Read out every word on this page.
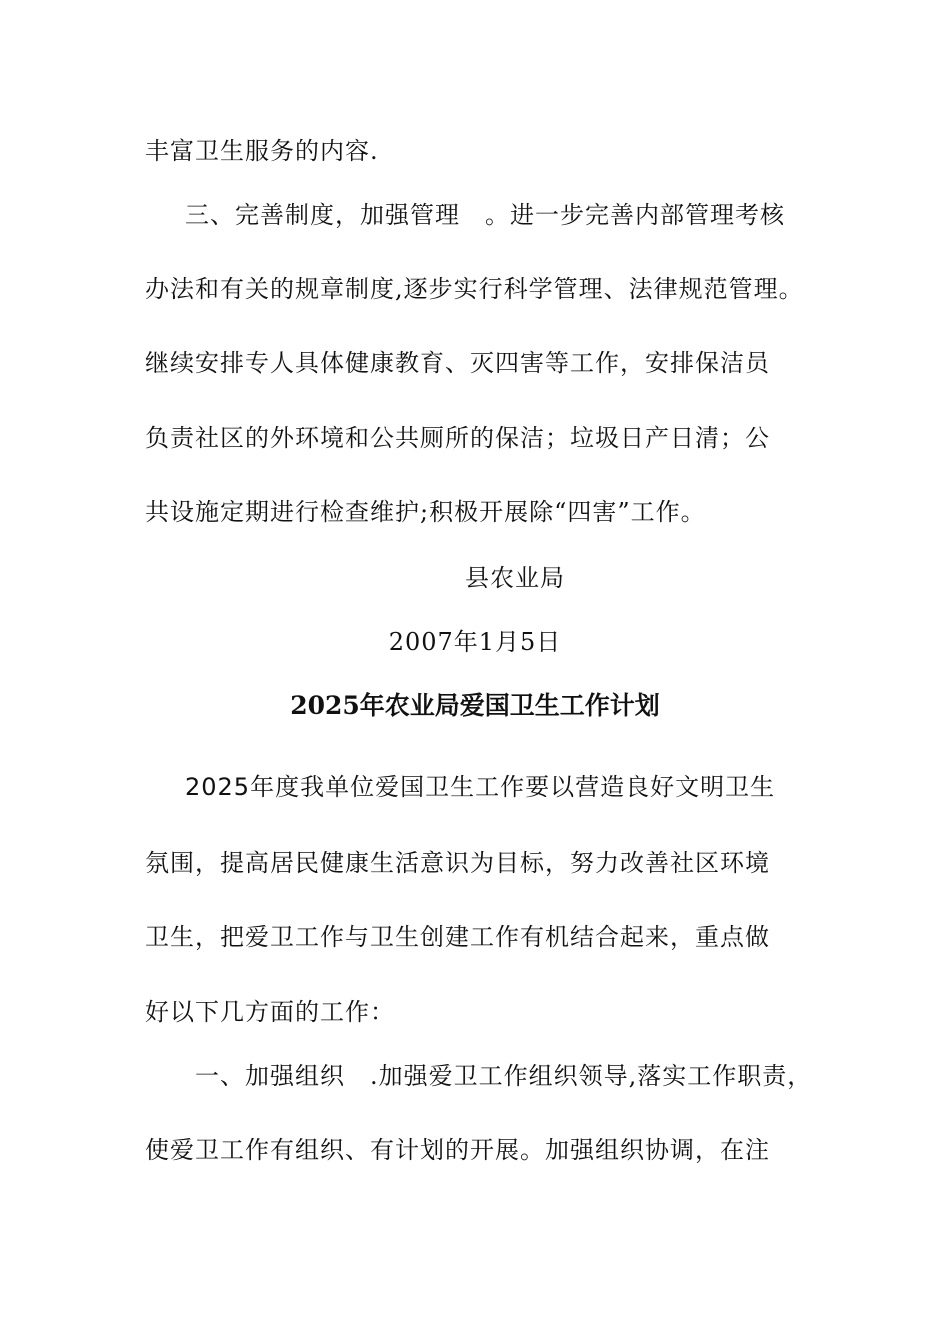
丰富卫生服务的内容.
三、完善制度，加强管理　。进一步完善内部管理考核
办法和有关的规章制度,逐步实行科学管理、法律规范管理。
继续安排专人具体健康教育、灭四害等工作，安排保洁员
负责社区的外环境和公共厕所的保洁；垃圾日产日清；公
共设施定期进行检查维护;积极开展除“四害”工作。
县农业局
2007年1月5日
2025年农业局爱国卫生工作计划
2025年度我单位爱国卫生工作要以营造良好文明卫生
氛围，提高居民健康生活意识为目标，努力改善社区环境
卫生，把爱卫工作与卫生创建工作有机结合起来，重点做
好以下几方面的工作：
一、加强组织　.加强爱卫工作组织领导,落实工作职责，
使爱卫工作有组织、有计划的开展。加强组织协调，在注
